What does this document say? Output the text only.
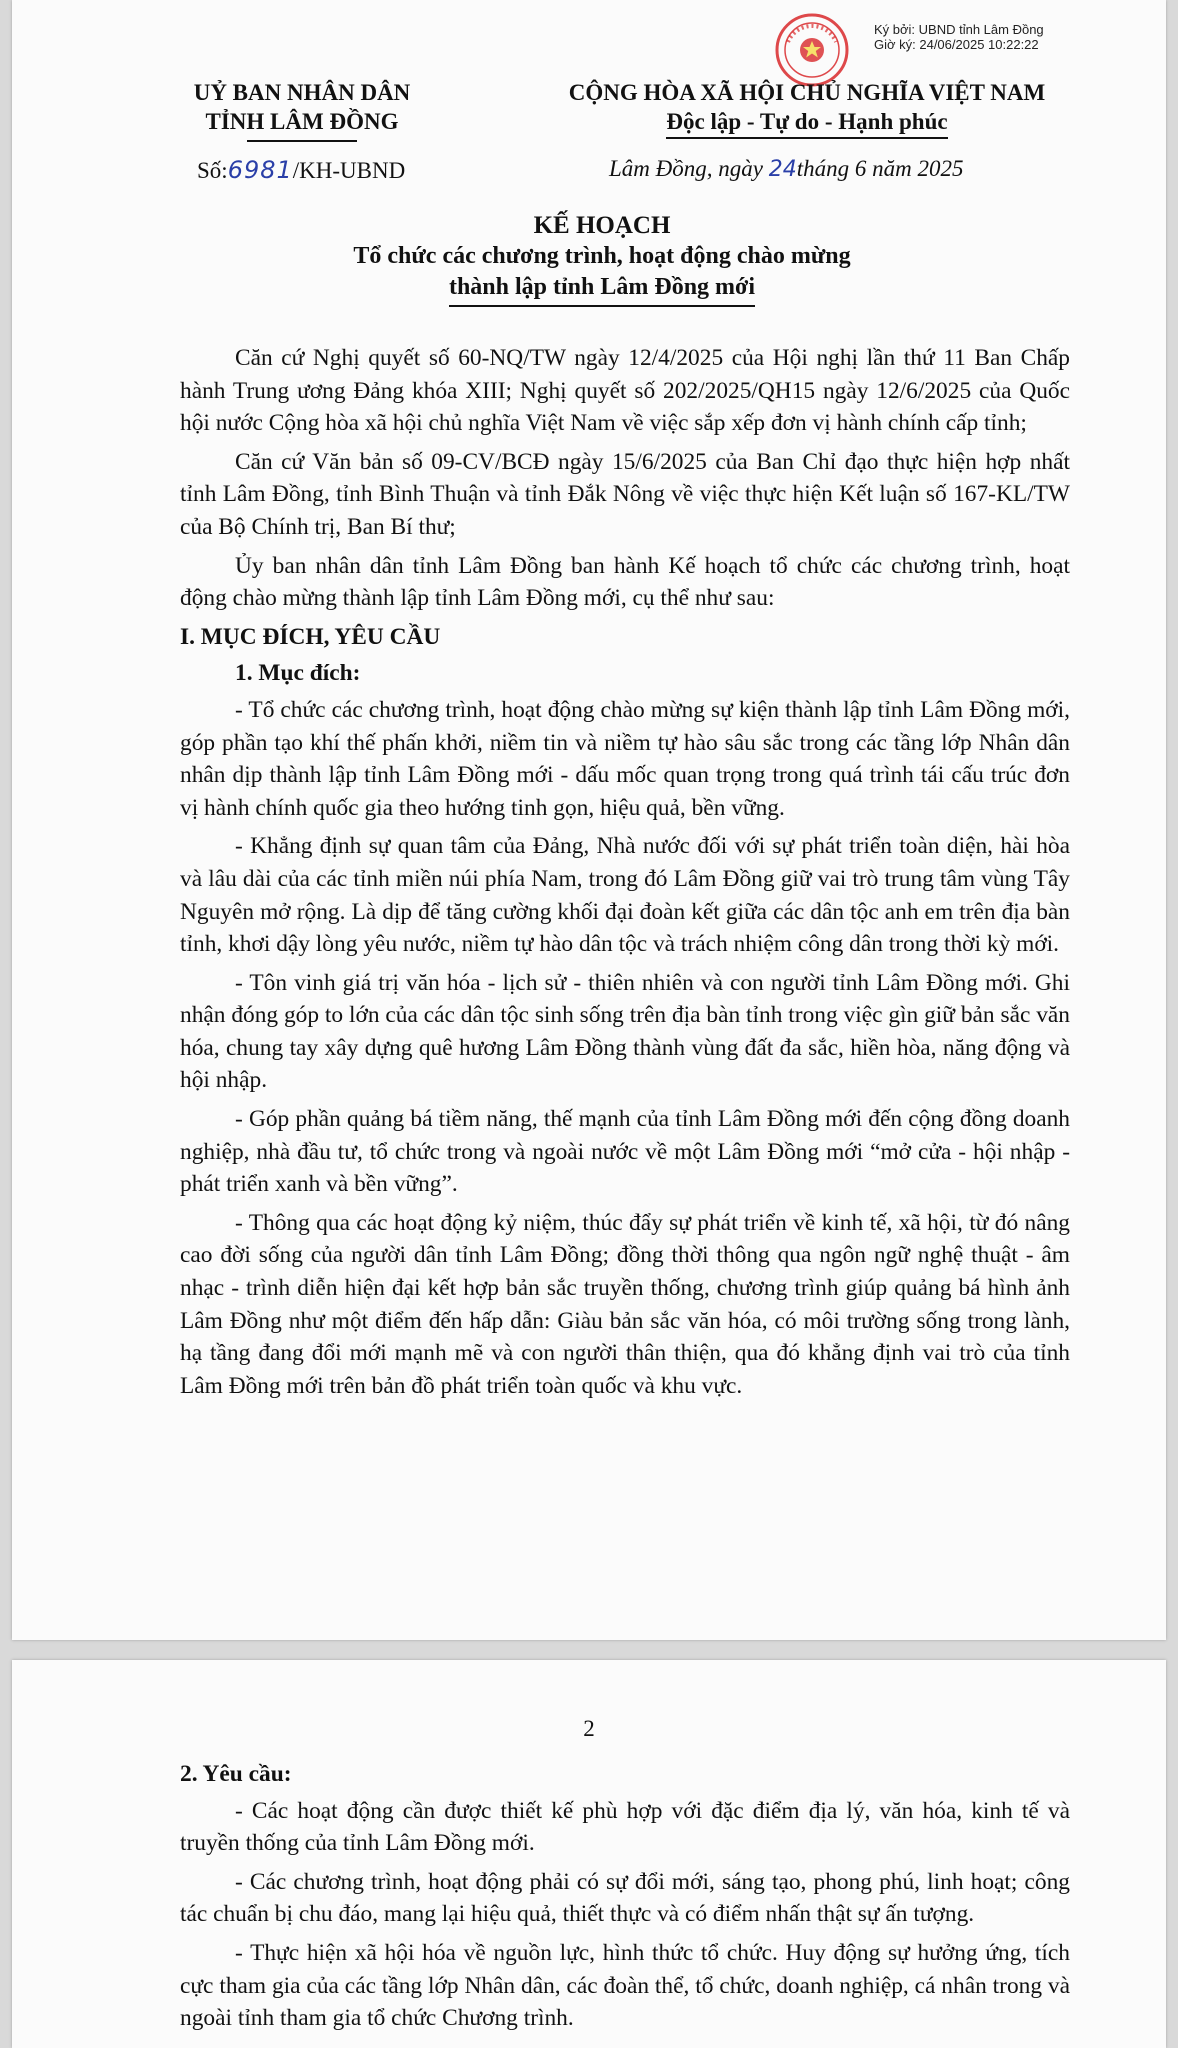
Ký bởi: UBND tỉnh Lâm Đồng
Giờ ký: 24/06/2025 10:22:22
UỶ BAN NHÂN DÂN
TỈNH LÂM ĐỒNG
CỘNG HÒA XÃ HỘI CHỦ NGHĨA VIỆT NAM
Độc lập - Tự do - Hạnh phúc
Số:6981/KH-UBND	Lâm Đồng, ngày 24tháng 6 năm 2025
KẾ HOẠCH
Tổ chức các chương trình, hoạt động chào mừng
thành lập tỉnh Lâm Đồng mới

Căn cứ Nghị quyết số 60-NQ/TW ngày 12/4/2025 của Hội nghị lần thứ 11 Ban Chấp hành Trung ương Đảng khóa XIII; Nghị quyết số 202/2025/QH15 ngày 12/6/2025 của Quốc hội nước Cộng hòa xã hội chủ nghĩa Việt Nam về việc sắp xếp đơn vị hành chính cấp tỉnh;

Căn cứ Văn bản số 09-CV/BCĐ ngày 15/6/2025 của Ban Chỉ đạo thực hiện hợp nhất tỉnh Lâm Đồng, tỉnh Bình Thuận và tỉnh Đắk Nông về việc thực hiện Kết luận số 167-KL/TW của Bộ Chính trị, Ban Bí thư;

Ủy ban nhân dân tỉnh Lâm Đồng ban hành Kế hoạch tổ chức các chương trình, hoạt động chào mừng thành lập tỉnh Lâm Đồng mới, cụ thể như sau:

I. MỤC ĐÍCH, YÊU CẦU
1. Mục đích:

- Tổ chức các chương trình, hoạt động chào mừng sự kiện thành lập tỉnh Lâm Đồng mới, góp phần tạo khí thế phấn khởi, niềm tin và niềm tự hào sâu sắc trong các tầng lớp Nhân dân nhân dịp thành lập tỉnh Lâm Đồng mới - dấu mốc quan trọng trong quá trình tái cấu trúc đơn vị hành chính quốc gia theo hướng tinh gọn, hiệu quả, bền vững.

- Khẳng định sự quan tâm của Đảng, Nhà nước đối với sự phát triển toàn diện, hài hòa và lâu dài của các tỉnh miền núi phía Nam, trong đó Lâm Đồng giữ vai trò trung tâm vùng Tây Nguyên mở rộng. Là dịp để tăng cường khối đại đoàn kết giữa các dân tộc anh em trên địa bàn tỉnh, khơi dậy lòng yêu nước, niềm tự hào dân tộc và trách nhiệm công dân trong thời kỳ mới.

- Tôn vinh giá trị văn hóa - lịch sử - thiên nhiên và con người tỉnh Lâm Đồng mới. Ghi nhận đóng góp to lớn của các dân tộc sinh sống trên địa bàn tỉnh trong việc gìn giữ bản sắc văn hóa, chung tay xây dựng quê hương Lâm Đồng thành vùng đất đa sắc, hiền hòa, năng động và hội nhập.

- Góp phần quảng bá tiềm năng, thế mạnh của tỉnh Lâm Đồng mới đến cộng đồng doanh nghiệp, nhà đầu tư, tổ chức trong và ngoài nước về một Lâm Đồng mới “mở cửa - hội nhập - phát triển xanh và bền vững”.

- Thông qua các hoạt động kỷ niệm, thúc đẩy sự phát triển về kinh tế, xã hội, từ đó nâng cao đời sống của người dân tỉnh Lâm Đồng; đồng thời thông qua ngôn ngữ nghệ thuật - âm nhạc - trình diễn hiện đại kết hợp bản sắc truyền thống, chương trình giúp quảng bá hình ảnh Lâm Đồng như một điểm đến hấp dẫn: Giàu bản sắc văn hóa, có môi trường sống trong lành, hạ tầng đang đổi mới mạnh mẽ và con người thân thiện, qua đó khẳng định vai trò của tỉnh Lâm Đồng mới trên bản đồ phát triển toàn quốc và khu vực.

2
2. Yêu cầu:

- Các hoạt động cần được thiết kế phù hợp với đặc điểm địa lý, văn hóa, kinh tế và truyền thống của tỉnh Lâm Đồng mới.

- Các chương trình, hoạt động phải có sự đổi mới, sáng tạo, phong phú, linh hoạt; công tác chuẩn bị chu đáo, mang lại hiệu quả, thiết thực và có điểm nhấn thật sự ấn tượng.

- Thực hiện xã hội hóa về nguồn lực, hình thức tổ chức. Huy động sự hưởng ứng, tích cực tham gia của các tầng lớp Nhân dân, các đoàn thể, tổ chức, doanh nghiệp, cá nhân trong và ngoài tỉnh tham gia tổ chức Chương trình.
